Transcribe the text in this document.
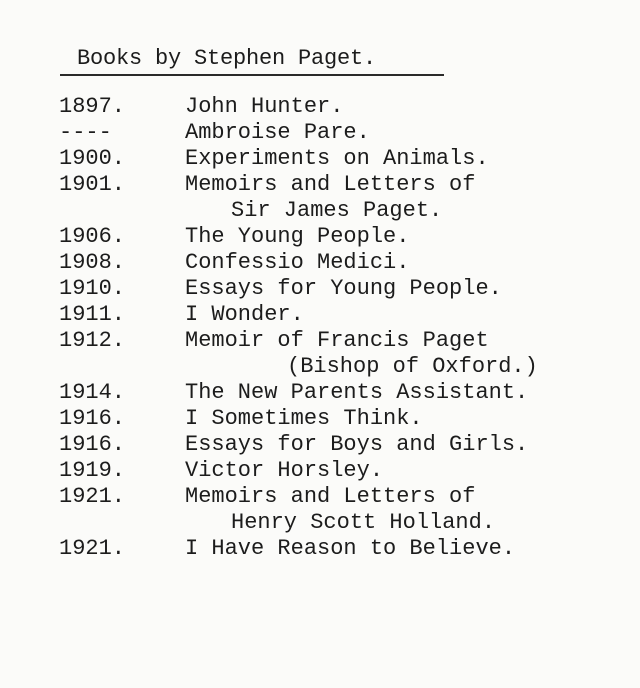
Books by Stephen Paget.
1897.	John Hunter.
----	Ambroise Pare.
1900.	Experiments on Animals.
1901.	Memoirs and Letters of
Sir James Paget.
1906.	The Young People.
1908.	Confessio Medici.
1910.	Essays for Young People.
1911.	I Wonder.
1912.	Memoir of Francis Paget
(Bishop of Oxford.)
1914.	The New Parents Assistant.
1916.	I Sometimes Think.
1916.	Essays for Boys and Girls.
1919.	Victor Horsley.
1921.	Memoirs and Letters of
Henry Scott Holland.
1921.	I Have Reason to Believe.
